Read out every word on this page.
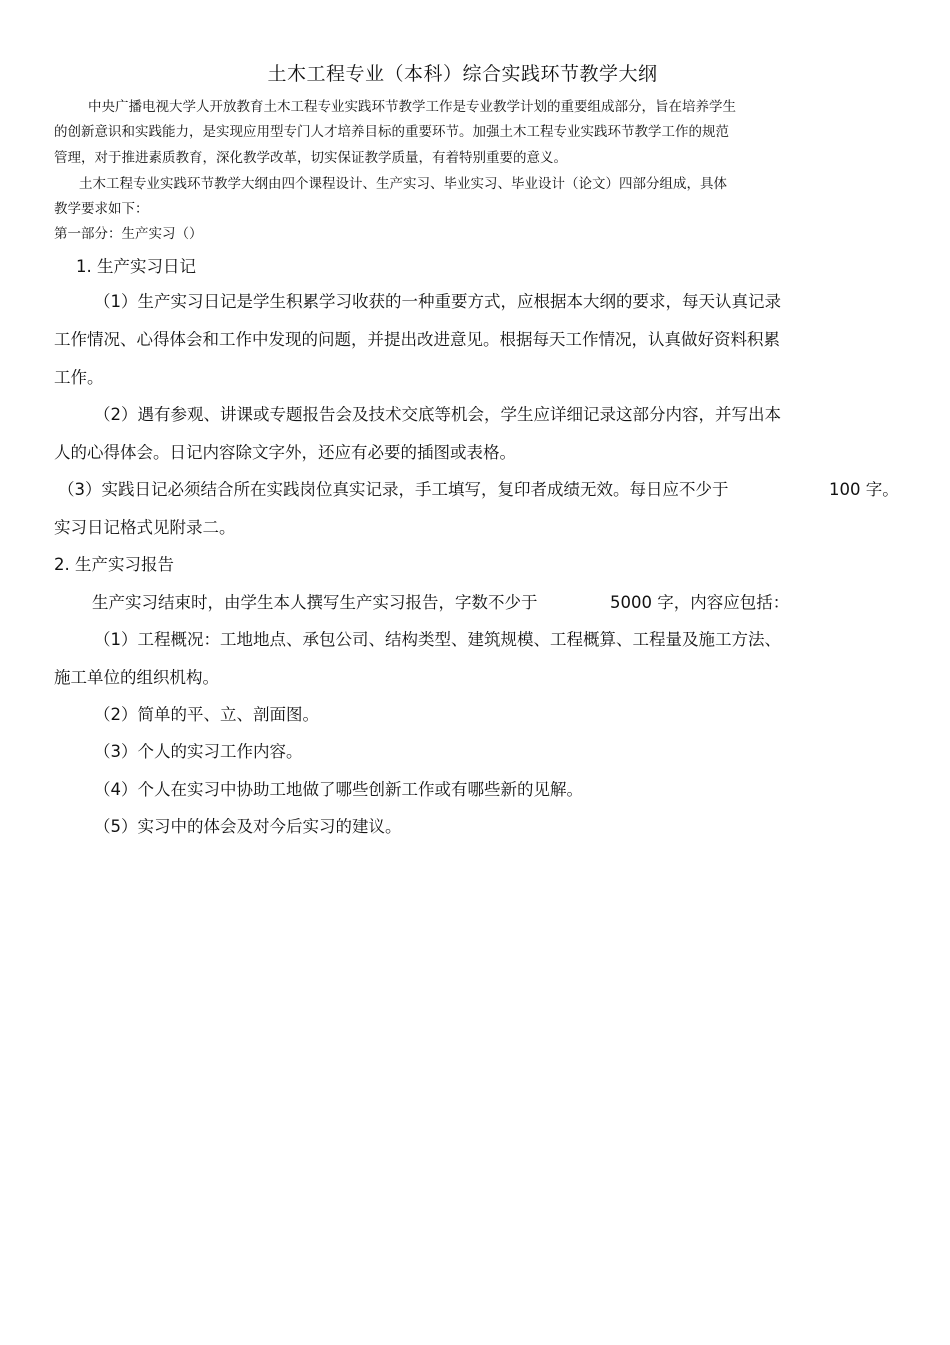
土木工程专业（本科）综合实践环节教学大纲
中央广播电视大学人开放教育土木工程专业实践环节教学工作是专业教学计划的重要组成部分，旨在培养学生
的创新意识和实践能力，是实现应用型专门人才培养目标的重要环节。加强土木工程专业实践环节教学工作的规范
管理，对于推进素质教育，深化教学改革，切实保证教学质量，有着特别重要的意义。
土木工程专业实践环节教学大纲由四个课程设计、生产实习、毕业实习、毕业设计（论文）四部分组成，具体
教学要求如下：
第一部分：生产实习（）
1. 生产实习日记
（1）生产实习日记是学生积累学习收获的一种重要方式，应根据本大纲的要求，每天认真记录
工作情况、心得体会和工作中发现的问题，并提出改进意见。根据每天工作情况，认真做好资料积累
工作。
（2）遇有参观、讲课或专题报告会及技术交底等机会，学生应详细记录这部分内容，并写出本
人的心得体会。日记内容除文字外，还应有必要的插图或表格。
（3）实践日记必须结合所在实践岗位真实记录，手工填写，复印者成绩无效。每日应不少于	100 字。
实习日记格式见附录二。
2. 生产实习报告
生产实习结束时，由学生本人撰写生产实习报告，字数不少于	5000 字，内容应包括：
（1）工程概况：工地地点、承包公司、结构类型、建筑规模、工程概算、工程量及施工方法、
施工单位的组织机构。
（2）简单的平、立、剖面图。
（3）个人的实习工作内容。
（4）个人在实习中协助工地做了哪些创新工作或有哪些新的见解。
（5）实习中的体会及对今后实习的建议。
